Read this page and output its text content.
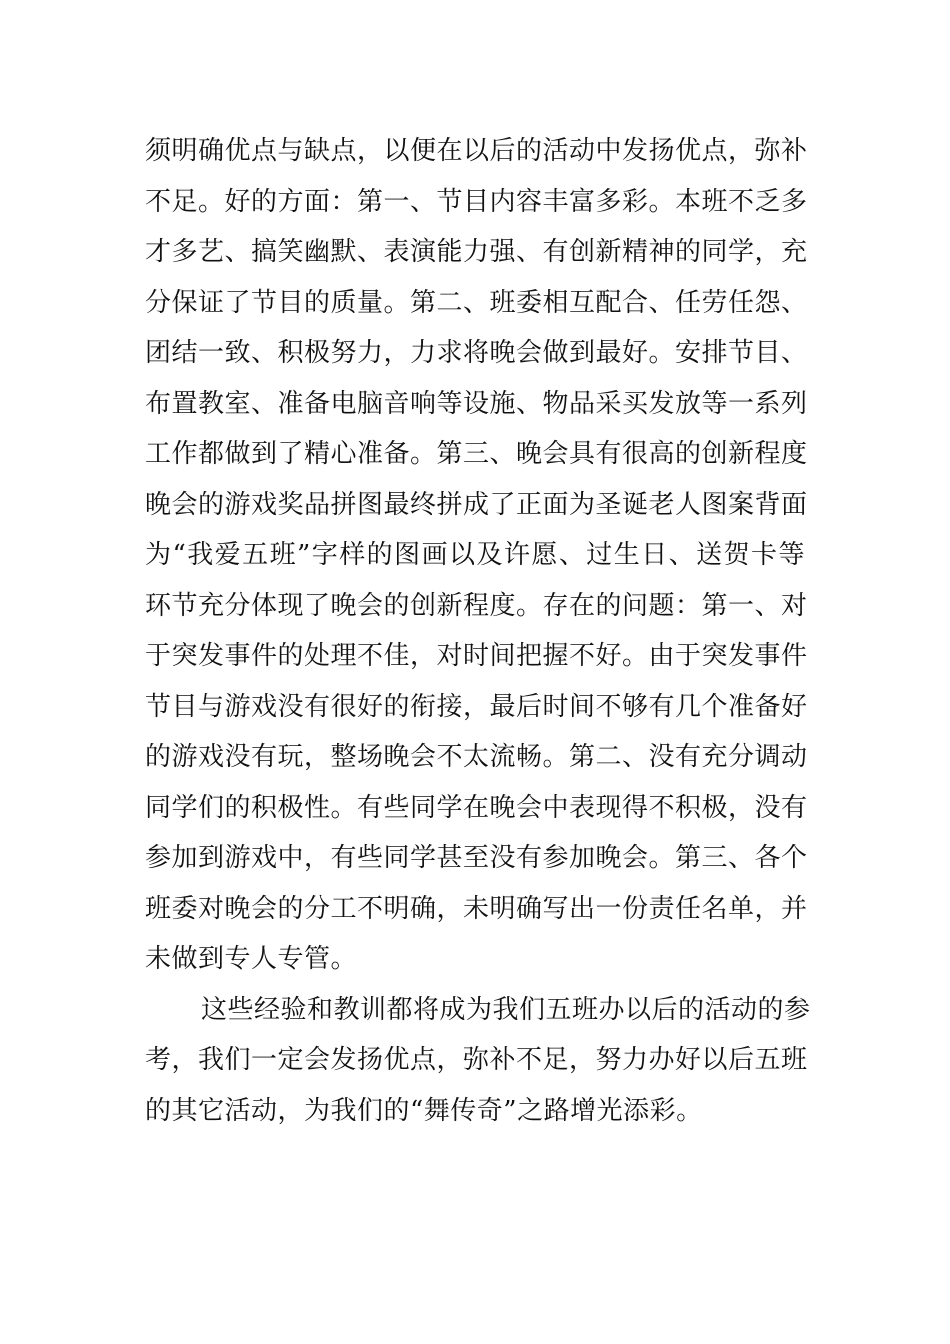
须明确优点与缺点，以便在以后的活动中发扬优点，弥补
不足。好的方面：第一、节目内容丰富多彩。本班不乏多
才多艺、搞笑幽默、表演能力强、有创新精神的同学，充
分保证了节目的质量。第二、班委相互配合、任劳任怨、
团结一致、积极努力，力求将晚会做到最好。安排节目、
布置教室、准备电脑音响等设施、物品采买发放等一系列
工作都做到了精心准备。第三、晚会具有很高的创新程度
晚会的游戏奖品拼图最终拼成了正面为圣诞老人图案背面
为“我爱五班”字样的图画以及许愿、过生日、送贺卡等
环节充分体现了晚会的创新程度。存在的问题：第一、对
于突发事件的处理不佳，对时间把握不好。由于突发事件
节目与游戏没有很好的衔接，最后时间不够有几个准备好
的游戏没有玩，整场晚会不太流畅。第二、没有充分调动
同学们的积极性。有些同学在晚会中表现得不积极，没有
参加到游戏中，有些同学甚至没有参加晚会。第三、各个
班委对晚会的分工不明确，未明确写出一份责任名单，并
未做到专人专管。
这些经验和教训都将成为我们五班办以后的活动的参
考，我们一定会发扬优点，弥补不足，努力办好以后五班
的其它活动，为我们的“舞传奇”之路增光添彩。
